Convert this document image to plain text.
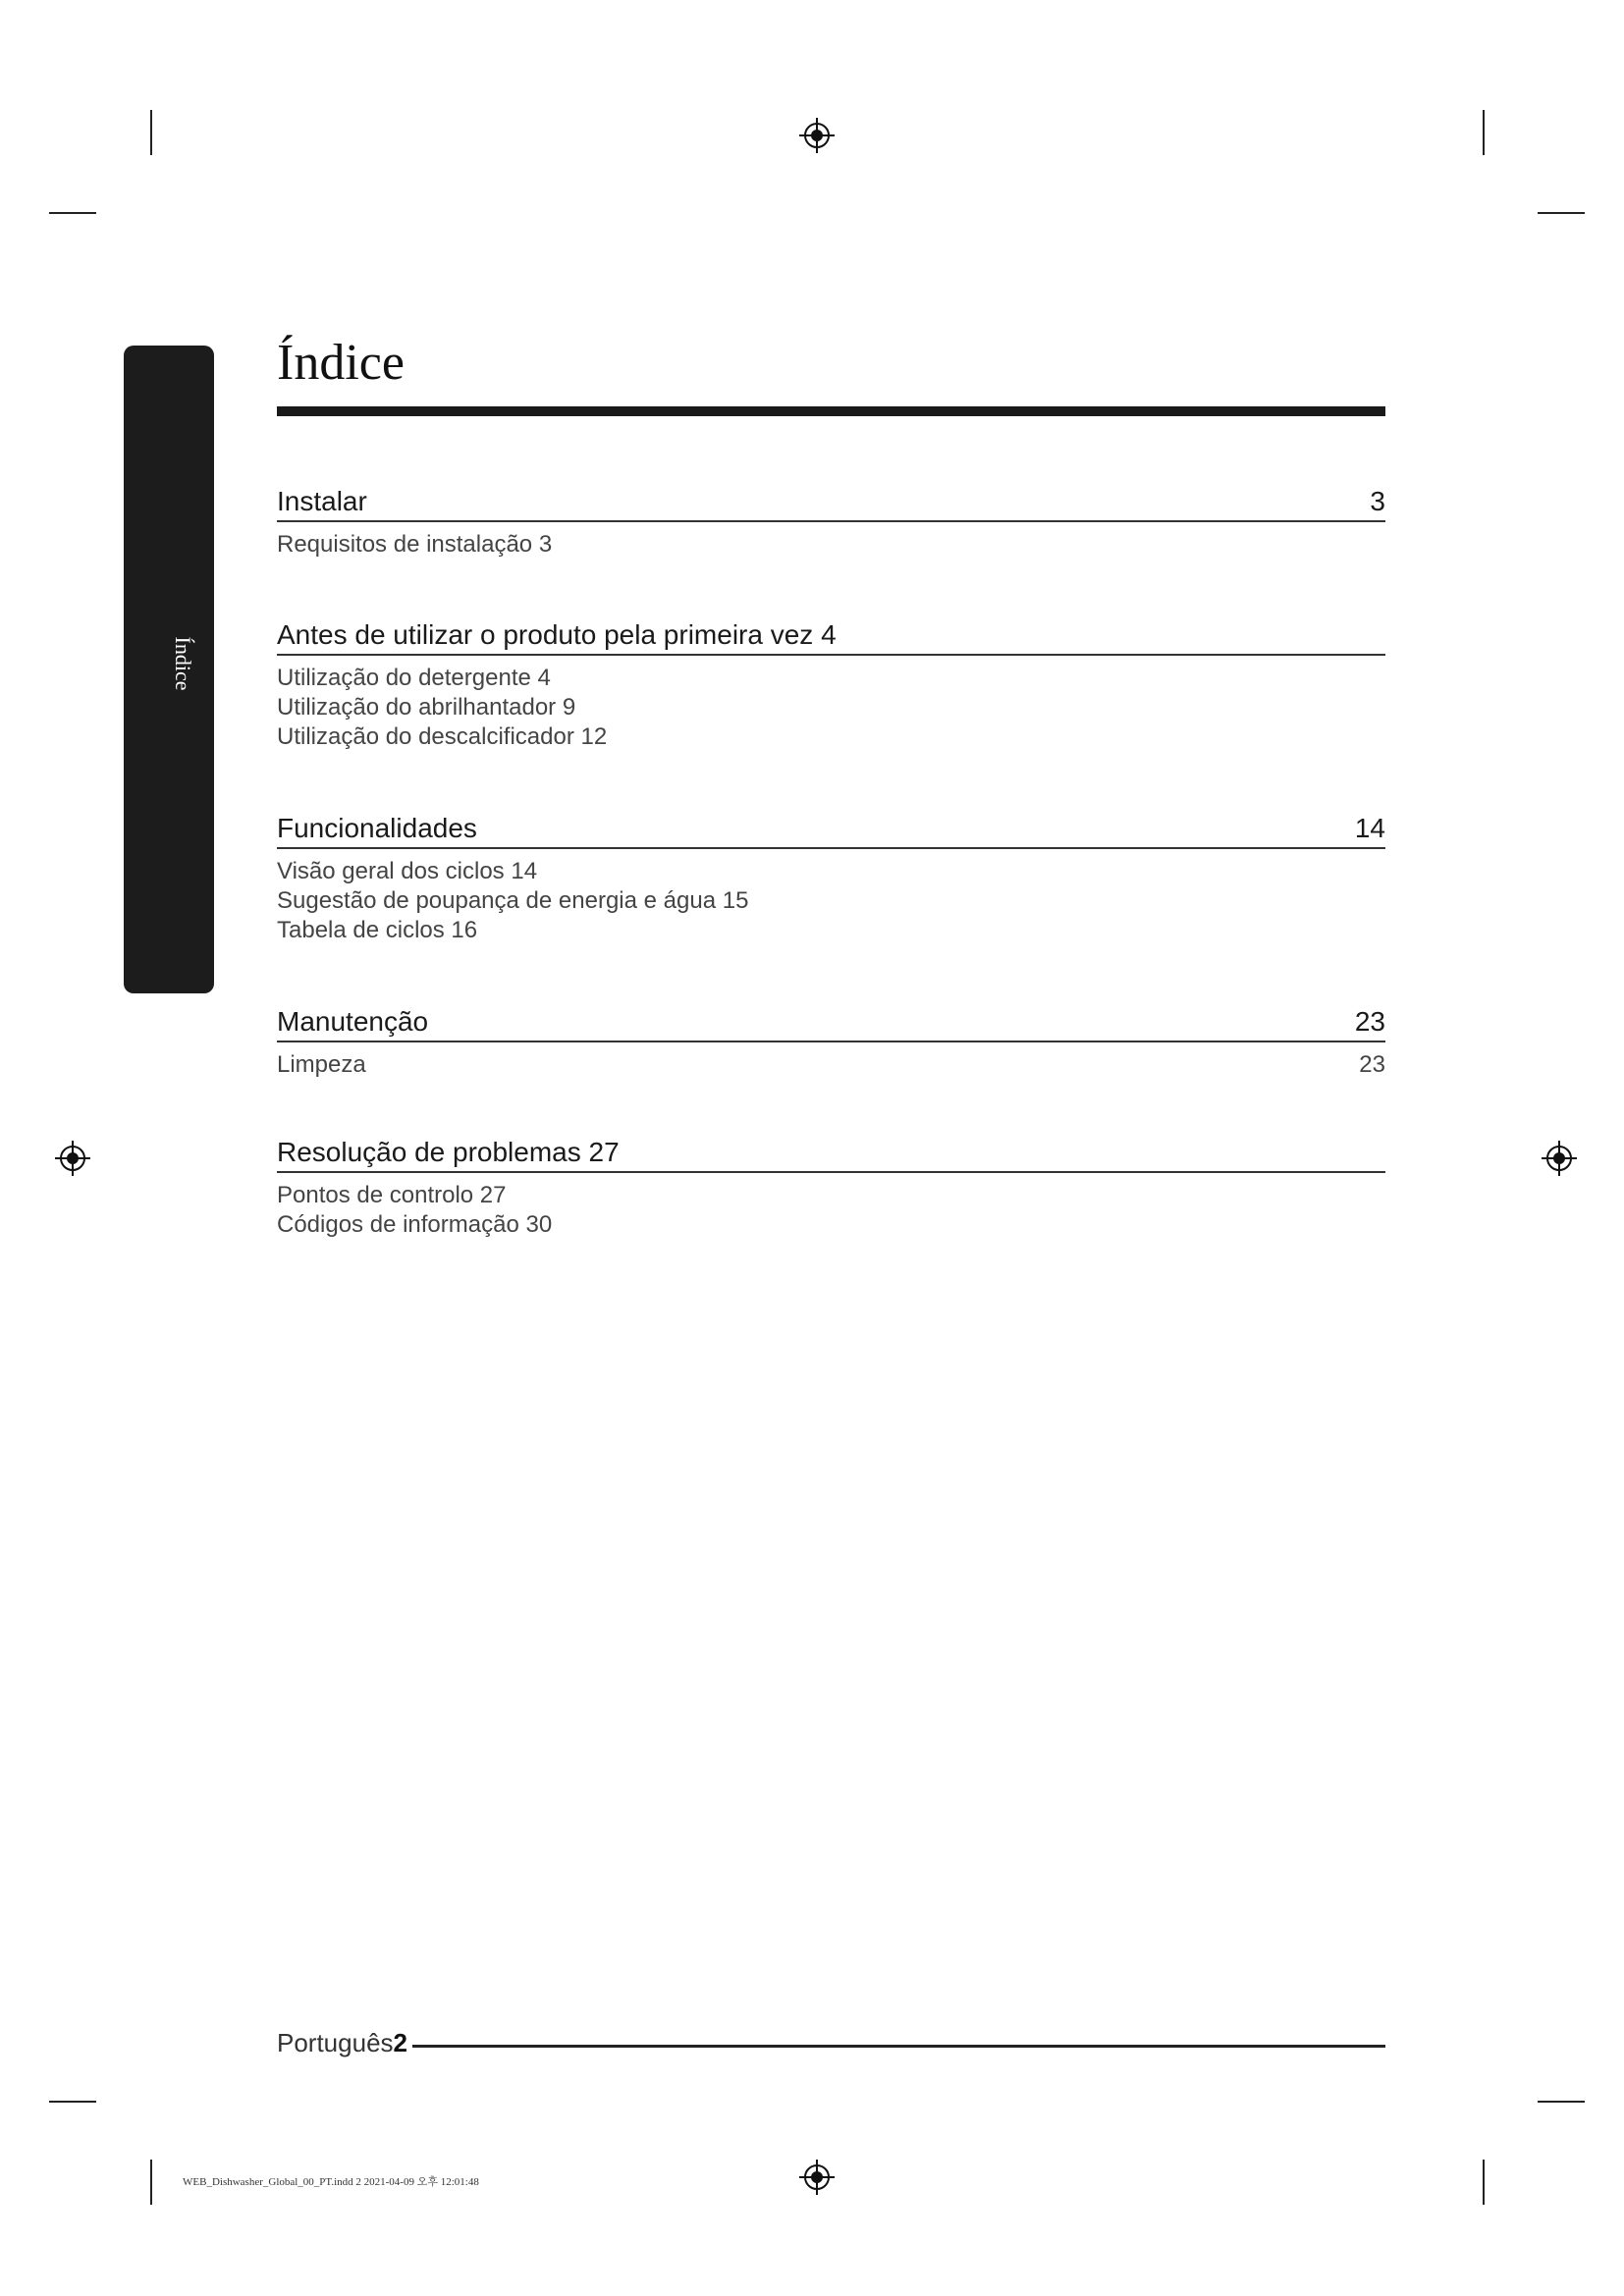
Índice
Índice
Instalar	3
Requisitos de instalação 3
Antes de utilizar o produto pela primeira vez 4
Utilização do detergente 4
Utilização do abrilhantador 9
Utilização do descalcificador 12
Funcionalidades	14
Visão geral dos ciclos 14
Sugestão de poupança de energia e água 15
Tabela de ciclos 16
Manutenção	23
Limpeza	23
Resolução de problemas 27
Pontos de controlo 27
Códigos de informação 30
Português2
WEB_Dishwasher_Global_00_PT.indd 2 2021-04-09 오후 12:01:48
